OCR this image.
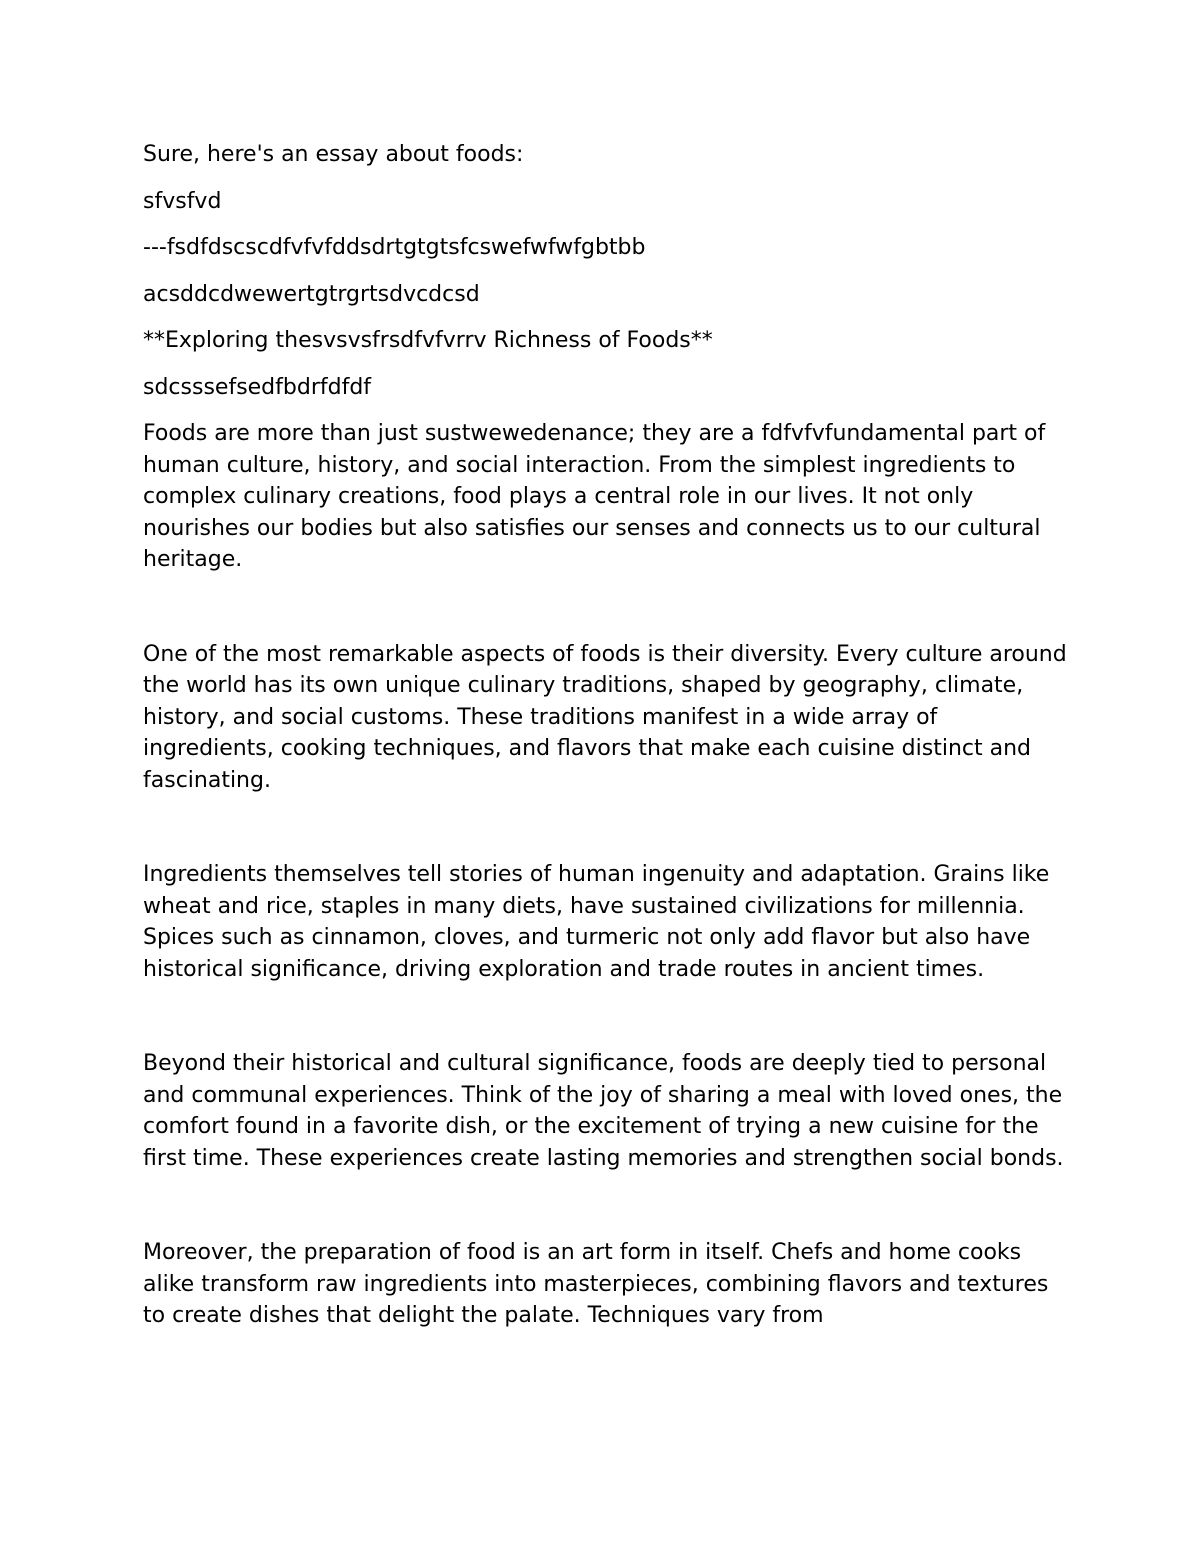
Sure, here's an essay about foods:

sfvsfvd

---fsdfdscscdfvfvfddsdrtgtgtsfcswefwfwfgbtbb

acsddcdwewertgtrgrtsdvcdcsd

**Exploring thesvsvsfrsdfvfvrrv Richness of Foods**

sdcsssefsedfbdrfdfdf

Foods are more than just sustwewedenance; they are a fdfvfvfundamental part of human culture, history, and social interaction. From the simplest ingredients to complex culinary creations, food plays a central role in our lives. It not only nourishes our bodies but also satisfies our senses and connects us to our cultural heritage.

One of the most remarkable aspects of foods is their diversity. Every culture around the world has its own unique culinary traditions, shaped by geography, climate, history, and social customs. These traditions manifest in a wide array of ingredients, cooking techniques, and flavors that make each cuisine distinct and fascinating.

Ingredients themselves tell stories of human ingenuity and adaptation. Grains like wheat and rice, staples in many diets, have sustained civilizations for millennia. Spices such as cinnamon, cloves, and turmeric not only add flavor but also have historical significance, driving exploration and trade routes in ancient times.

Beyond their historical and cultural significance, foods are deeply tied to personal and communal experiences. Think of the joy of sharing a meal with loved ones, the comfort found in a favorite dish, or the excitement of trying a new cuisine for the first time. These experiences create lasting memories and strengthen social bonds.

Moreover, the preparation of food is an art form in itself. Chefs and home cooks alike transform raw ingredients into masterpieces, combining flavors and textures to create dishes that delight the palate. Techniques vary from
